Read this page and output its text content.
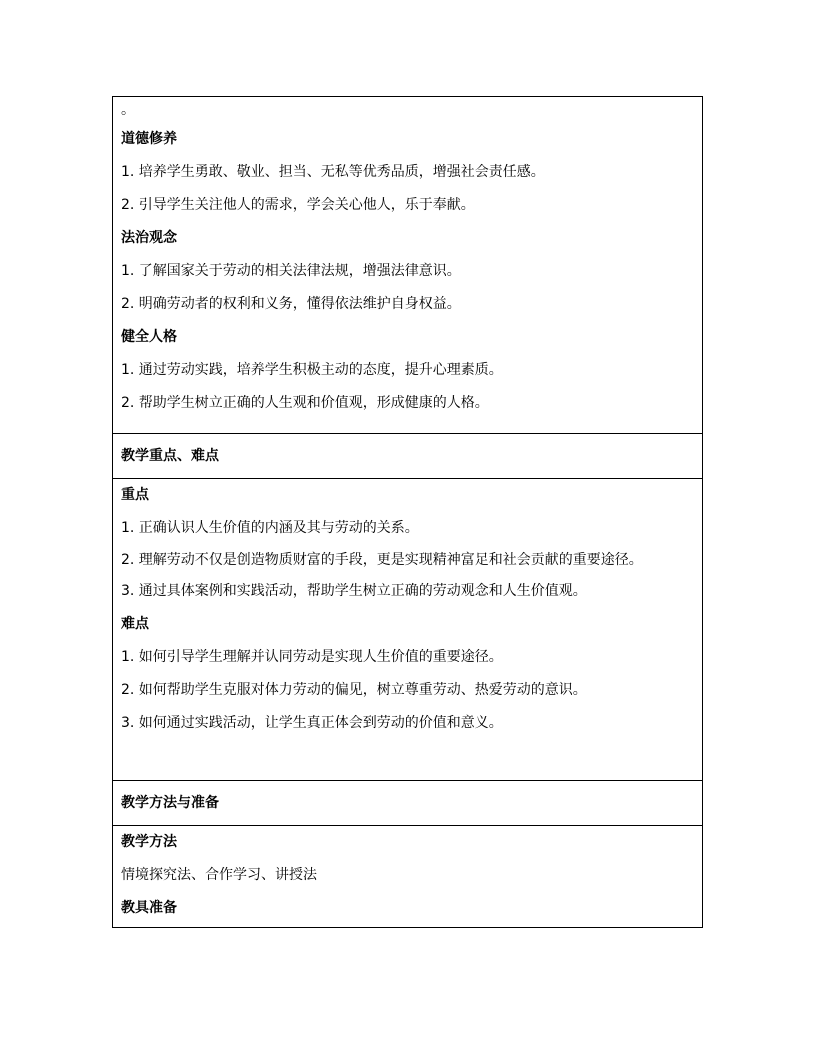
。
道德修养
1. 培养学生勇敢、敬业、担当、无私等优秀品质，增强社会责任感。
2. 引导学生关注他人的需求，学会关心他人，乐于奉献。
法治观念
1. 了解国家关于劳动的相关法律法规，增强法律意识。
2. 明确劳动者的权利和义务，懂得依法维护自身权益。
健全人格
1. 通过劳动实践，培养学生积极主动的态度，提升心理素质。
2. 帮助学生树立正确的人生观和价值观，形成健康的人格。
教学重点、难点
重点
1. 正确认识人生价值的内涵及其与劳动的关系。
2. 理解劳动不仅是创造物质财富的手段，更是实现精神富足和社会贡献的重要途径。
3. 通过具体案例和实践活动，帮助学生树立正确的劳动观念和人生价值观。
难点
1. 如何引导学生理解并认同劳动是实现人生价值的重要途径。
2. 如何帮助学生克服对体力劳动的偏见，树立尊重劳动、热爱劳动的意识。
3. 如何通过实践活动，让学生真正体会到劳动的价值和意义。
教学方法与准备
教学方法
情境探究法、合作学习、讲授法
教具准备
